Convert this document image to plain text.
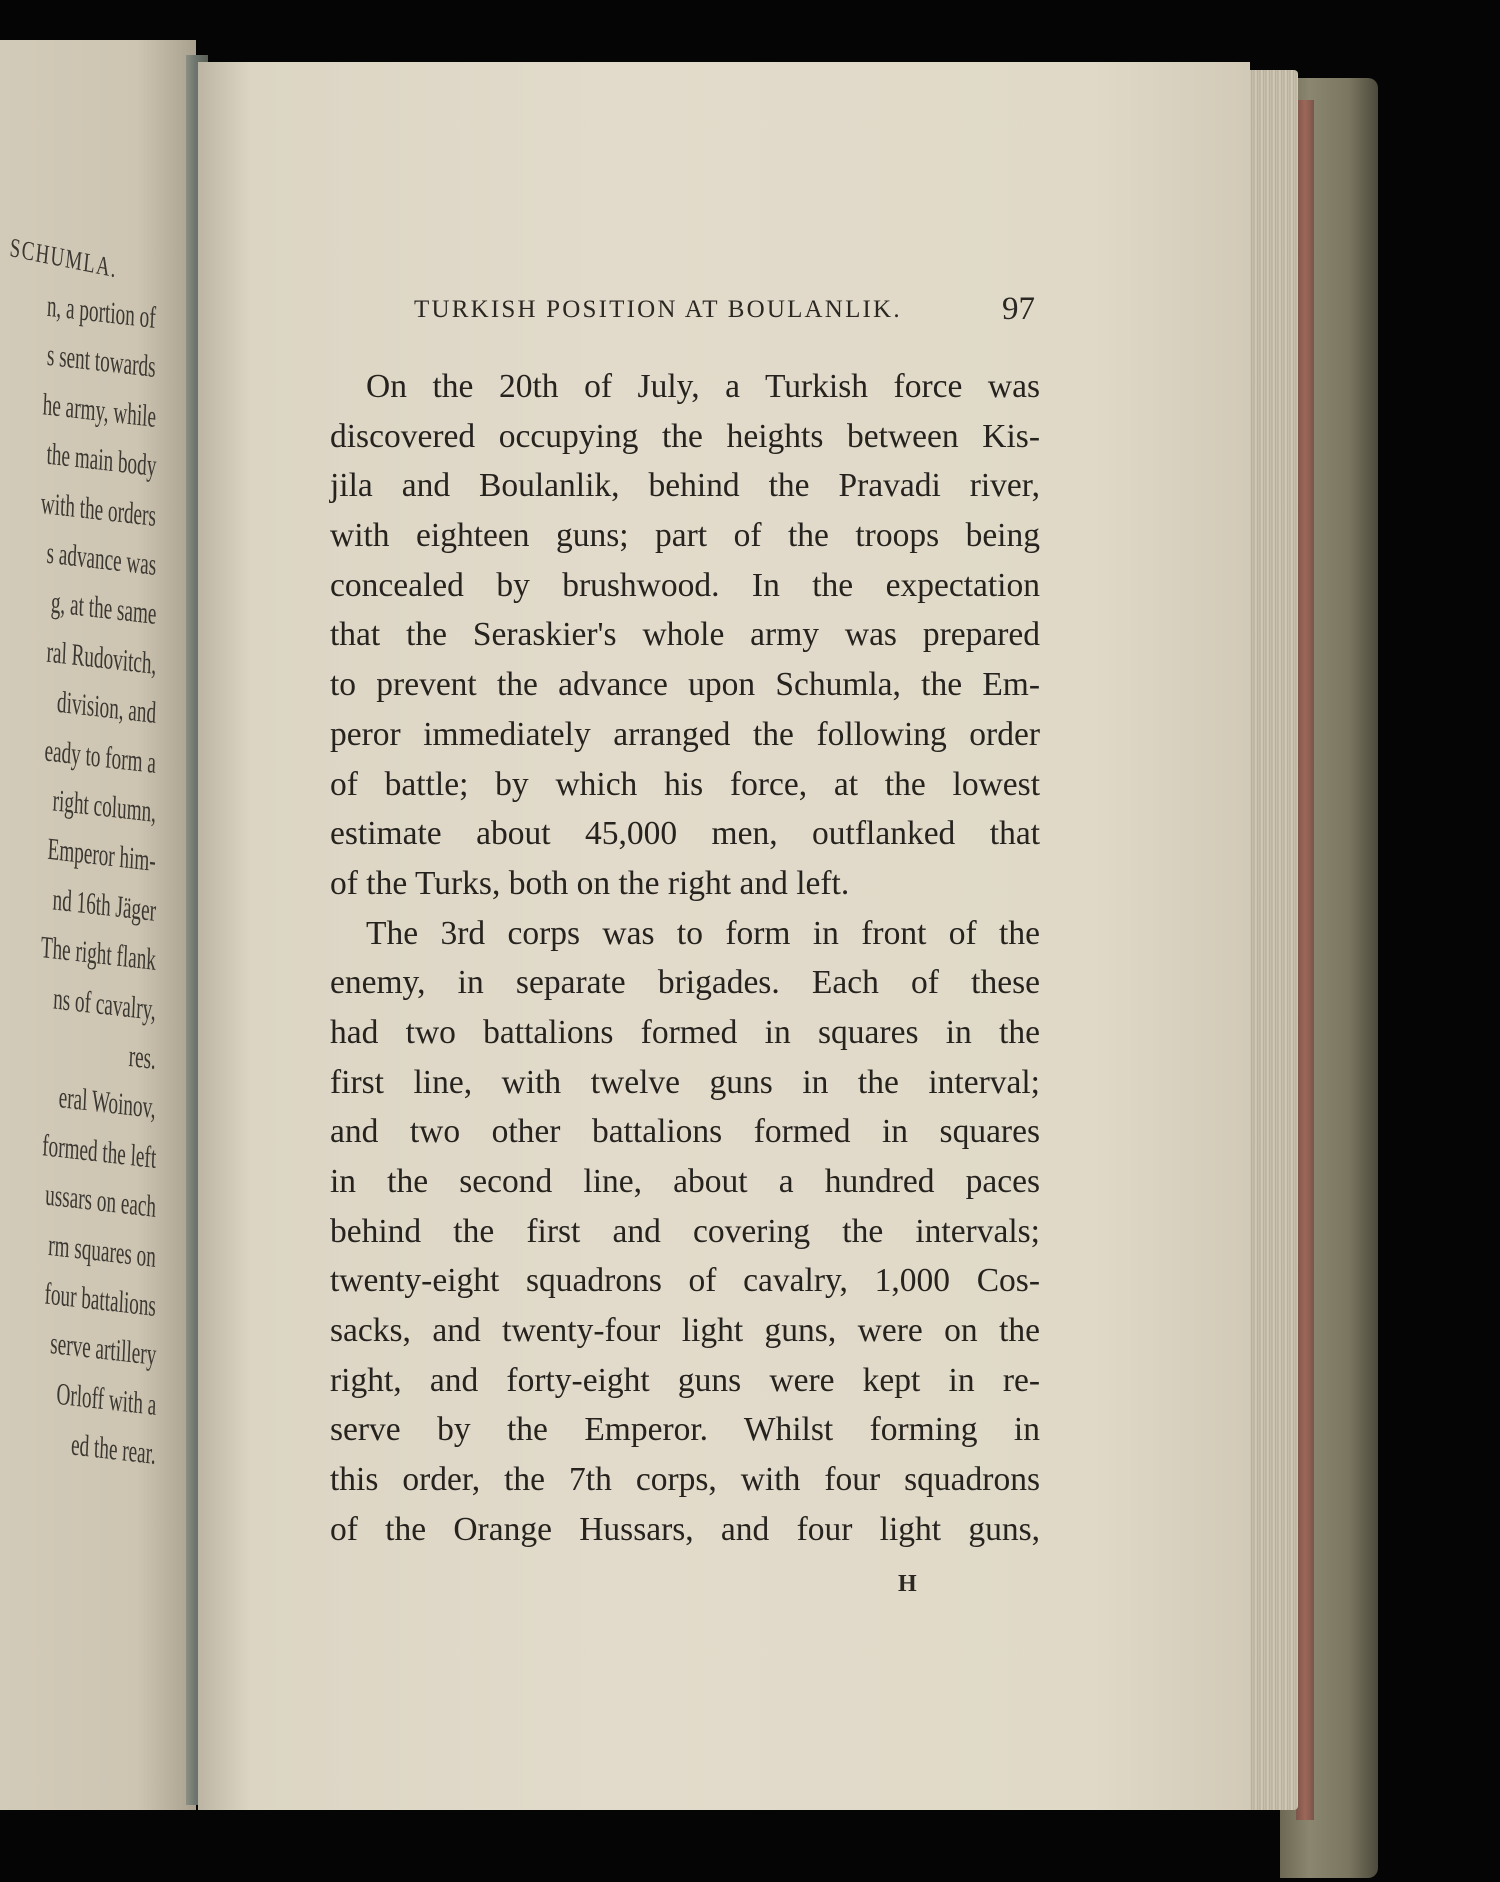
SCHUMLA.
n, a portion of
s sent towards
he army, while
the main body
with the orders
s advance was
g, at the same
ral Rudovitch,
division, and
eady to form a
right column,
Emperor him-
nd 16th Jäger
The right flank
ns of cavalry,
res.
eral Woinov,
formed the left
ussars on each
rm squares on
four battalions
serve artillery
Orloff with a
ed the rear.
TURKISH POSITION AT BOULANLIK.	97
On the 20th of July, a Turkish force was
discovered occupying the heights between Kis-
jila and Boulanlik, behind the Pravadi river,
with eighteen guns; part of the troops being
concealed by brushwood. In the expectation
that the Seraskier's whole army was prepared
to prevent the advance upon Schumla, the Em-
peror immediately arranged the following order
of battle; by which his force, at the lowest
estimate about 45,000 men, outflanked that
of the Turks, both on the right and left.
The 3rd corps was to form in front of the
enemy, in separate brigades. Each of these
had two battalions formed in squares in the
first line, with twelve guns in the interval;
and two other battalions formed in squares
in the second line, about a hundred paces
behind the first and covering the intervals;
twenty-eight squadrons of cavalry, 1,000 Cos-
sacks, and twenty-four light guns, were on the
right, and forty-eight guns were kept in re-
serve by the Emperor. Whilst forming in
this order, the 7th corps, with four squadrons
of the Orange Hussars, and four light guns,
H
